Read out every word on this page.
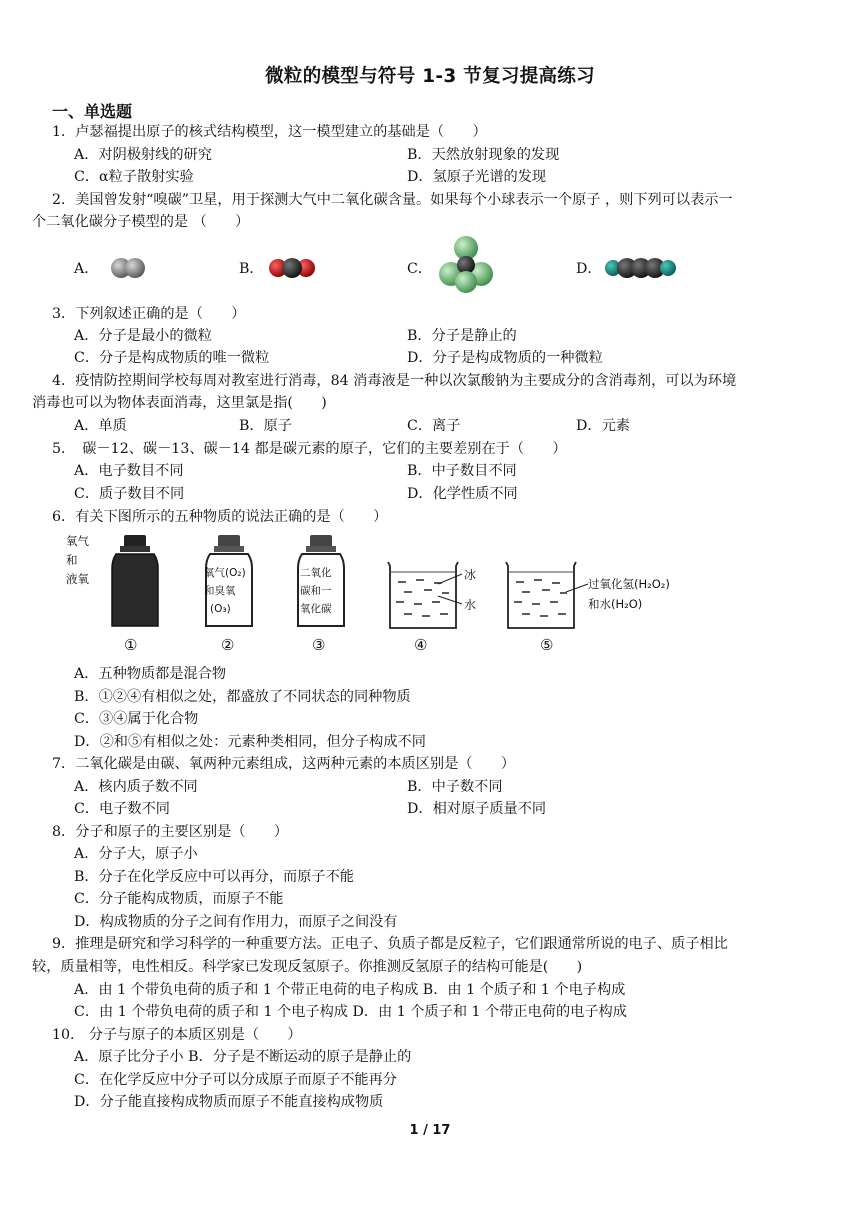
微粒的模型与符号 1-3 节复习提高练习
一、单选题
1．卢瑟福提出原子的核式结构模型，这一模型建立的基础是（　　）
A．对阴极射线的研究	B．天然放射现象的发现
C．α粒子散射实验	D．氢原子光谱的发现
2．美国曾发射“嗅碳”卫星，用于探测大气中二氧化碳含量。如果每个小球表示一个原子 ，则下列可以表示一
个二氧化碳分子模型的是 （　　）
A．	B．	C．	D．
3．下列叙述正确的是（　　）
A．分子是最小的微粒	B．分子是静止的
C．分子是构成物质的唯一微粒	D．分子是构成物质的一种微粒
4．疫情防控期间学校每周对教室进行消毒，84 消毒液是一种以次氯酸钠为主要成分的含消毒剂，可以为环境
消毒也可以为物体表面消毒，这里氯是指(　　)
A．单质	B．原子	C．离子	D．元素
5．　碳－12、碳－13、碳－14 都是碳元素的原子，它们的主要差别在于（　　）
A．电子数目不同	B．中子数目不同
C．质子数目不同	D．化学性质不同
6．有关下图所示的五种物质的说法正确的是（　　）
氧气
和
液氧
①
氧气(O₂)
和臭氧
(O₃)
②
二氧化
碳和一
氧化碳
③
冰
水
④
过氧化氢(H₂O₂)
和水(H₂O)
⑤
A．五种物质都是混合物
B．①②④有相似之处，都盛放了不同状态的同种物质
C．③④属于化合物
D．②和⑤有相似之处：元素种类相同，但分子构成不同
7．二氧化碳是由碳、氧两种元素组成，这两种元素的本质区别是（　　）
A．核内质子数不同	B．中子数不同
C．电子数不同	D．相对原子质量不同
8．分子和原子的主要区别是（　　）
A．分子大，原子小
B．分子在化学反应中可以再分，而原子不能
C．分子能构成物质，而原子不能
D．构成物质的分子之间有作用力，而原子之间没有
9．推理是研究和学习科学的一种重要方法。正电子、负质子都是反粒子，它们跟通常所说的电子、质子相比
较，质量相等，电性相反。科学家已发现反氢原子。你推测反氢原子的结构可能是(　　)
A．由 1 个带负电荷的质子和 1 个带正电荷的电子构成 B．由 1 个质子和 1 个电子构成
C．由 1 个带负电荷的质子和 1 个电子构成 D．由 1 个质子和 1 个带正电荷的电子构成
10.　分子与原子的本质区别是（　　）
A．原子比分子小 B．分子是不断运动的原子是静止的
C．在化学反应中分子可以分成原子而原子不能再分
D．分子能直接构成物质而原子不能直接构成物质
1 / 17
